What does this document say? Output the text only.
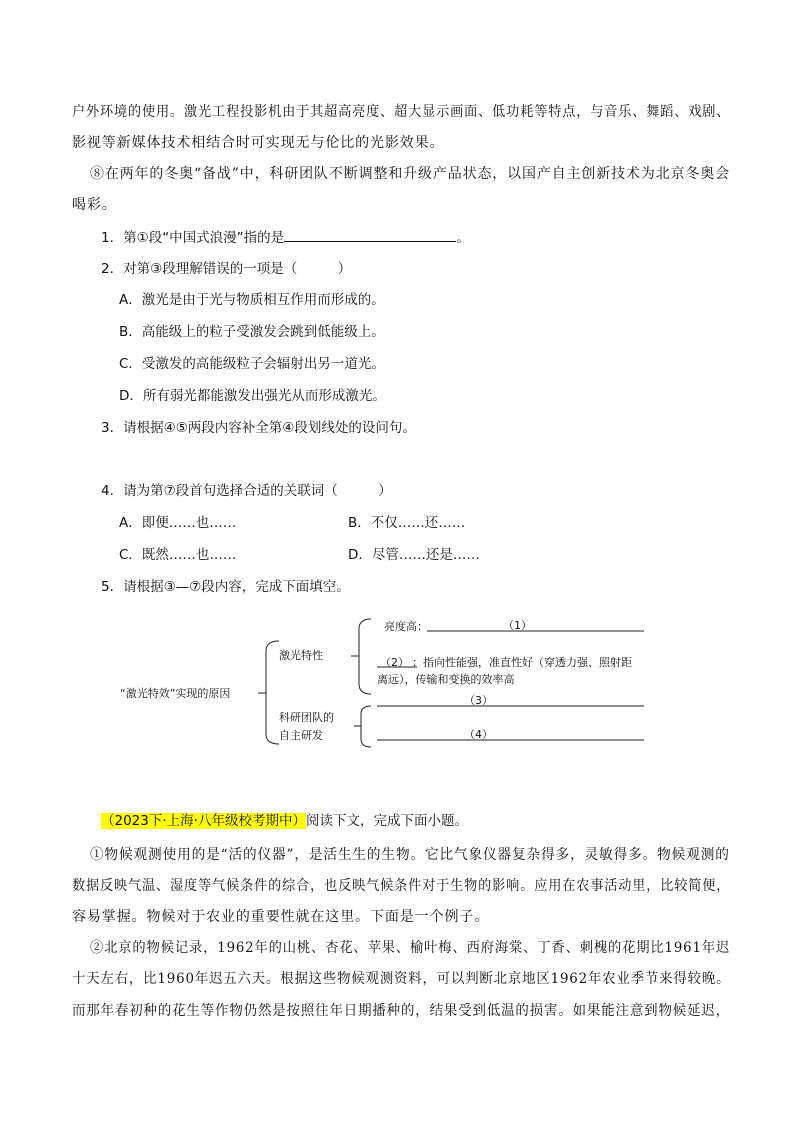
户外环境的使用。激光工程投影机由于其超高亮度、超大显示画面、低功耗等特点，与音乐、舞蹈、戏剧、
影视等新媒体技术相结合时可实现无与伦比的光影效果。
⑧在两年的冬奥“备战”中，科研团队不断调整和升级产品状态，以国产自主创新技术为北京冬奥会
喝彩。
1．第①段“中国式浪漫”指的是	。
2．对第③段理解错误的一项是（　　　）
A．激光是由于光与物质相互作用而形成的。
B．高能级上的粒子受激发会跳到低能级上。
C．受激发的高能级粒子会辐射出另一道光。
D．所有弱光都能激发出强光从而形成激光。
3．请根据④⑤两段内容补全第④段划线处的设问句。
4．请为第⑦段首句选择合适的关联词（　　　）
A．即便……也……	B．不仅……还……
C．既然……也……	D．尽管……还是……
5．请根据③—⑦段内容，完成下面填空。
“激光特效”实现的原因
激光特性
亮度高：	（1）
（2） ：指向性能强，准直性好（穿透力强、照射距
离远），传输和变换的效率高
科研团队的
自主研发
（3）
（4）
（2023下·上海·八年级校考期中）阅读下文，完成下面小题。
①物候观测使用的是“活的仪器”，是活生生的生物。它比气象仪器复杂得多，灵敏得多。物候观测的
数据反映气温、湿度等气候条件的综合，也反映气候条件对于生物的影响。应用在农事活动里，比较简便，
容易掌握。物候对于农业的重要性就在这里。下面是一个例子。
②北京的物候记录，1962年的山桃、杏花、苹果、榆叶梅、西府海棠、丁香、刺槐的花期比1961年迟
十天左右，比1960年迟五六天。根据这些物候观测资料，可以判断北京地区1962年农业季节来得较晚。
而那年春初种的花生等作物仍然是按照往年日期播种的，结果受到低温的损害。如果能注意到物候延迟，
